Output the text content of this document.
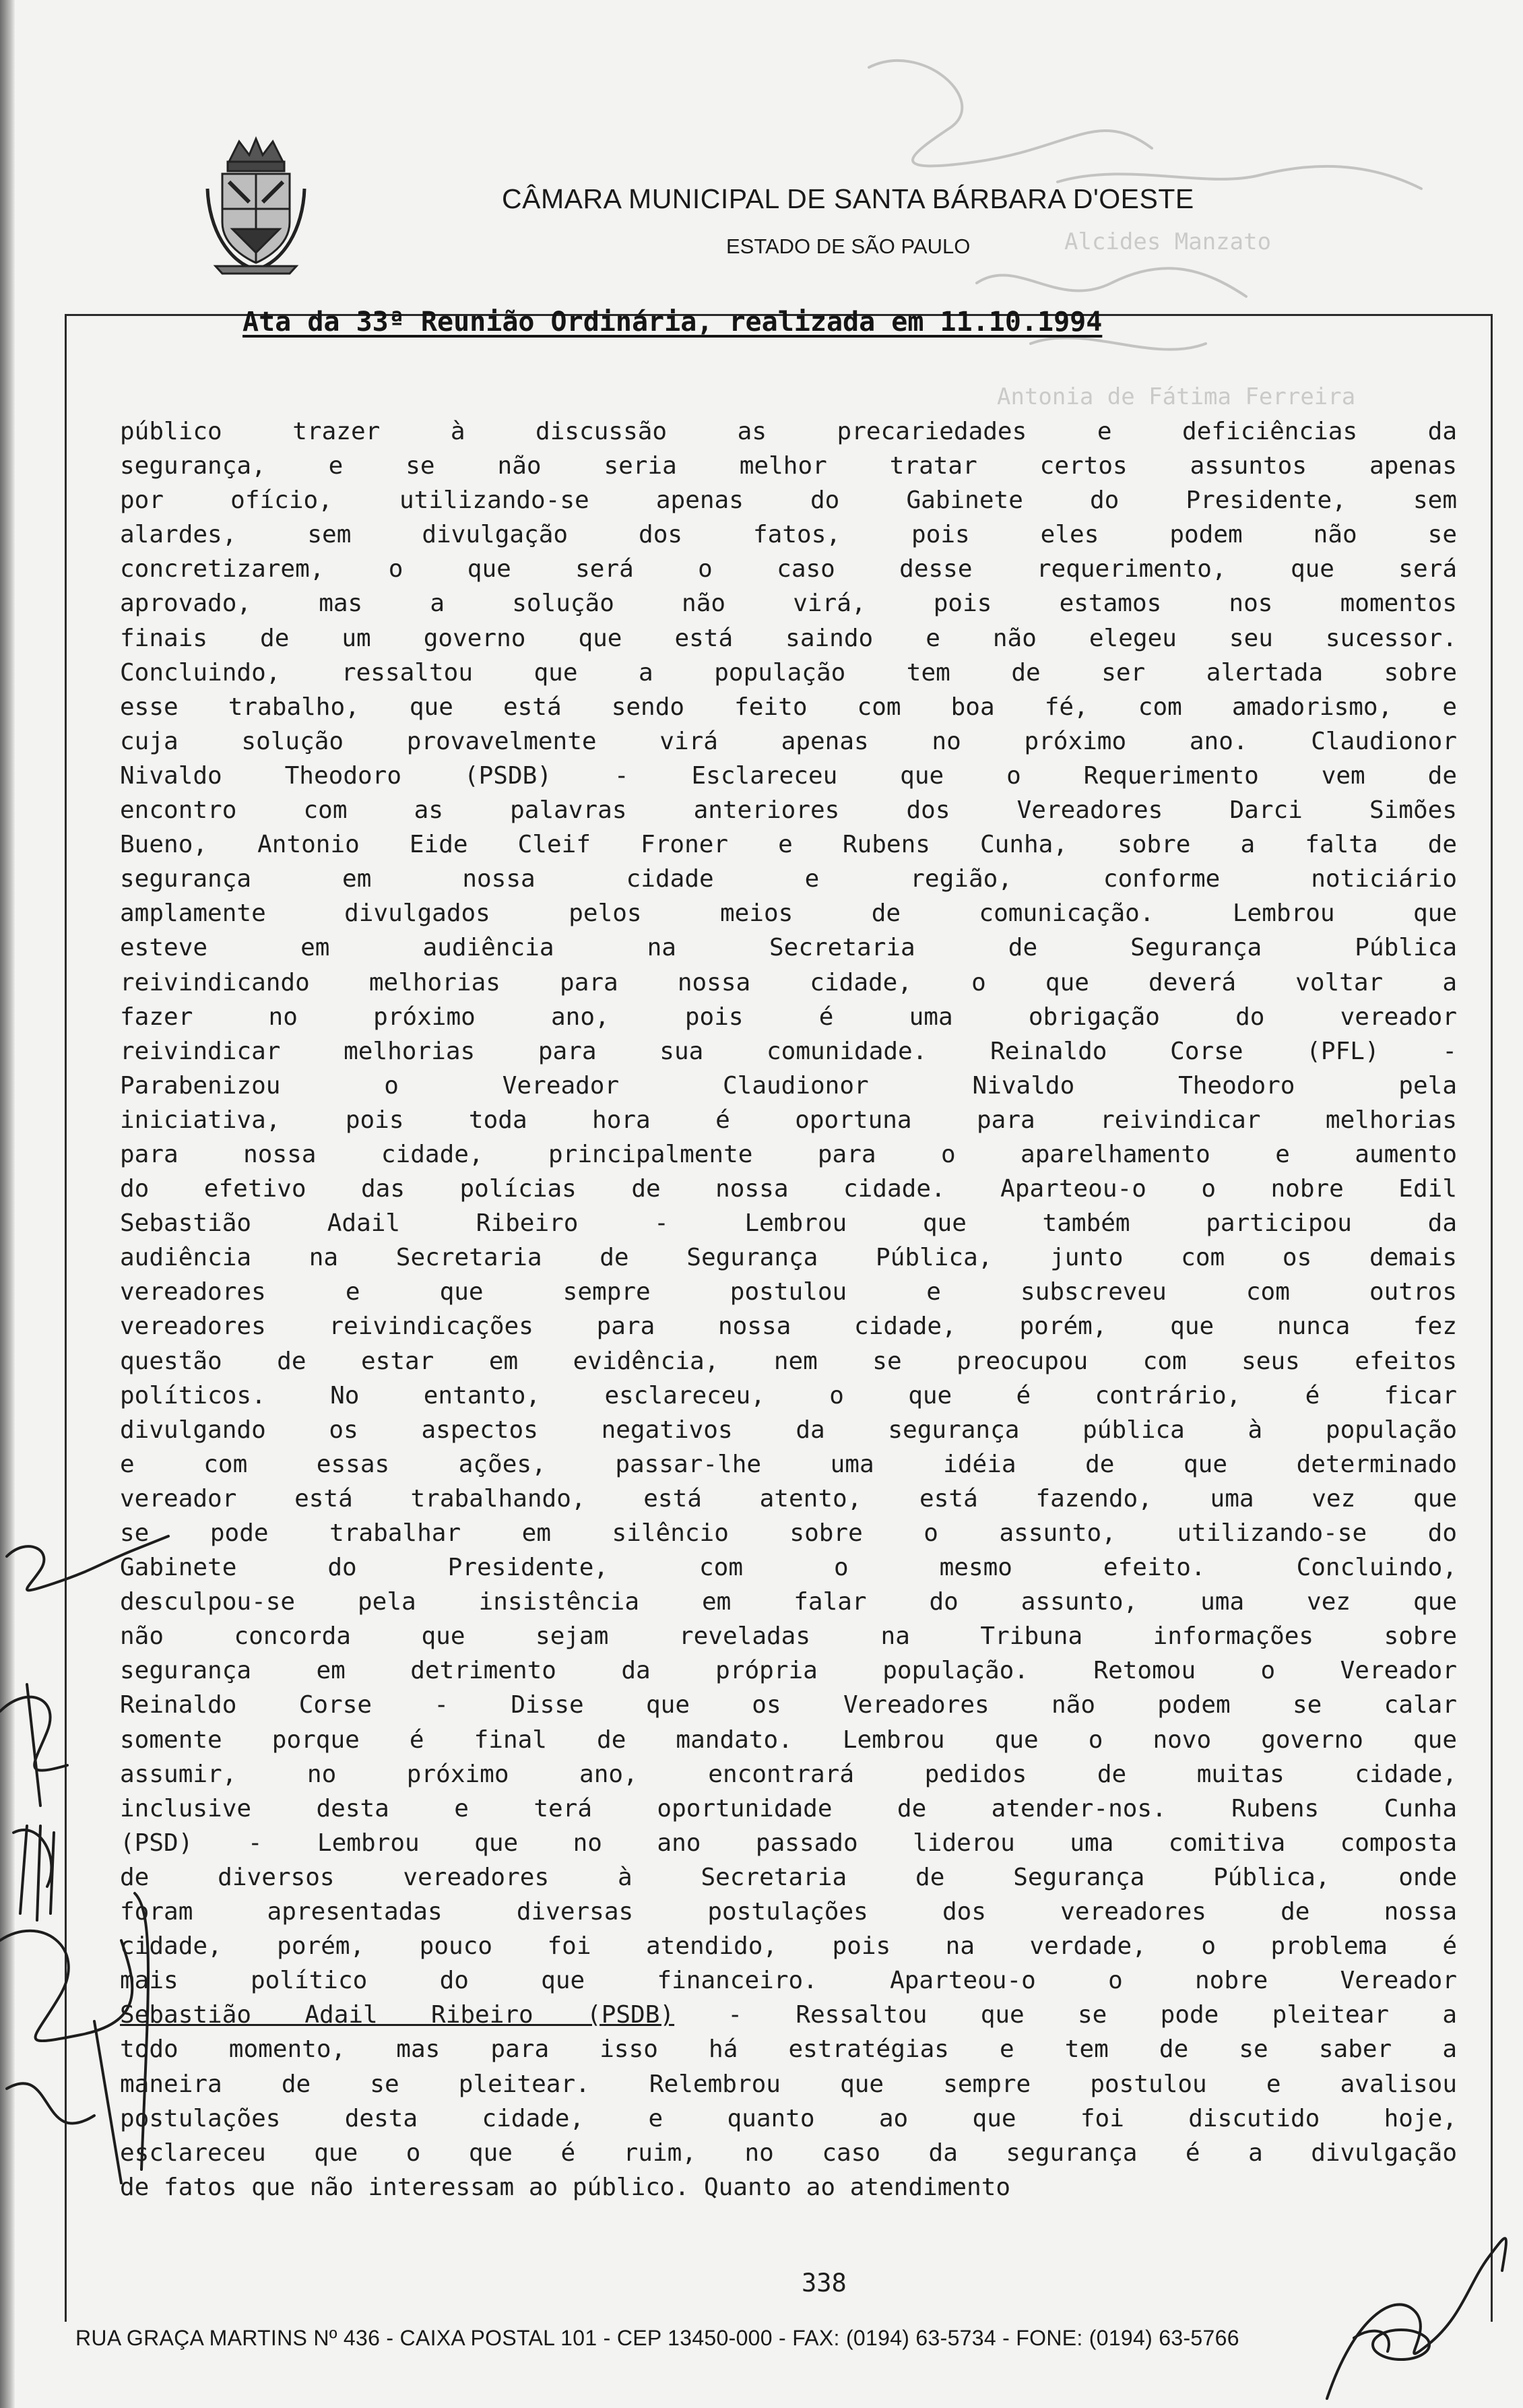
Alcides Manzato
Antonia de Fátima Ferreira
CÂMARA MUNICIPAL DE SANTA BÁRBARA D'OESTE
ESTADO DE SÃO PAULO
Ata da 33ª Reunião Ordinária, realizada em 11.10.1994
público trazer à discussão as precariedades e deficiências da
segurança, e se não seria melhor tratar certos assuntos apenas
por ofício, utilizando-se apenas do Gabinete do Presidente, sem
alardes, sem divulgação dos fatos, pois eles podem não se
concretizarem, o que será o caso desse requerimento, que será
aprovado, mas a solução não virá, pois estamos nos momentos
finais de um governo que está saindo e não elegeu seu sucessor.
Concluindo, ressaltou que a população tem de ser alertada sobre
esse trabalho, que está sendo feito com boa fé, com amadorismo, e
cuja solução provavelmente virá apenas no próximo ano. Claudionor
Nivaldo Theodoro (PSDB) - Esclareceu que o Requerimento vem de
encontro com as palavras anteriores dos Vereadores Darci Simões
Bueno, Antonio Eide Cleif Froner e Rubens Cunha, sobre a falta de
segurança em nossa cidade e região, conforme noticiário
amplamente divulgados pelos meios de comunicação. Lembrou que
esteve em audiência na Secretaria de Segurança Pública
reivindicando melhorias para nossa cidade, o que deverá voltar a
fazer no próximo ano, pois é uma obrigação do vereador
reivindicar melhorias para sua comunidade. Reinaldo Corse (PFL) -
Parabenizou o Vereador Claudionor Nivaldo Theodoro pela
iniciativa, pois toda hora é oportuna para reivindicar melhorias
para nossa cidade, principalmente para o aparelhamento e aumento
do efetivo das polícias de nossa cidade. Aparteou-o o nobre Edil
Sebastião Adail Ribeiro - Lembrou que também participou da
audiência na Secretaria de Segurança Pública, junto com os demais
vereadores e que sempre postulou e subscreveu com outros
vereadores reivindicações para nossa cidade, porém, que nunca fez
questão de estar em evidência, nem se preocupou com seus efeitos
políticos. No entanto, esclareceu, o que é contrário, é ficar
divulgando os aspectos negativos da segurança pública à população
e com essas ações, passar-lhe uma idéia de que determinado
vereador está trabalhando, está atento, está fazendo, uma vez que
se pode trabalhar em silêncio sobre o assunto, utilizando-se do
Gabinete do Presidente, com o mesmo efeito. Concluindo,
desculpou-se pela insistência em falar do assunto, uma vez que
não concorda que sejam reveladas na Tribuna informações sobre
segurança em detrimento da própria população. Retomou o Vereador
Reinaldo Corse - Disse que os Vereadores não podem se calar
somente porque é final de mandato. Lembrou que o novo governo que
assumir, no próximo ano, encontrará pedidos de muitas cidade,
inclusive desta e terá oportunidade de atender-nos. Rubens Cunha
(PSD) - Lembrou que no ano passado liderou uma comitiva composta
de diversos vereadores à Secretaria de Segurança Pública, onde
foram apresentadas diversas postulações dos vereadores de nossa
cidade, porém, pouco foi atendido, pois na verdade, o problema é
mais político do que financeiro. Aparteou-o o nobre Vereador
Sebastião Adail Ribeiro (PSDB) - Ressaltou que se pode pleitear a
todo momento, mas para isso há estratégias e tem de se saber a
maneira de se pleitear. Relembrou que sempre postulou e avalisou
postulações desta cidade, e quanto ao que foi discutido hoje,
esclareceu que o que é ruim, no caso da segurança é a divulgação
de fatos que não interessam ao público. Quanto ao atendimento
338
RUA GRAÇA MARTINS Nº 436 - CAIXA POSTAL 101 - CEP 13450-000 - FAX: (0194) 63-5734 - FONE: (0194) 63-5766
